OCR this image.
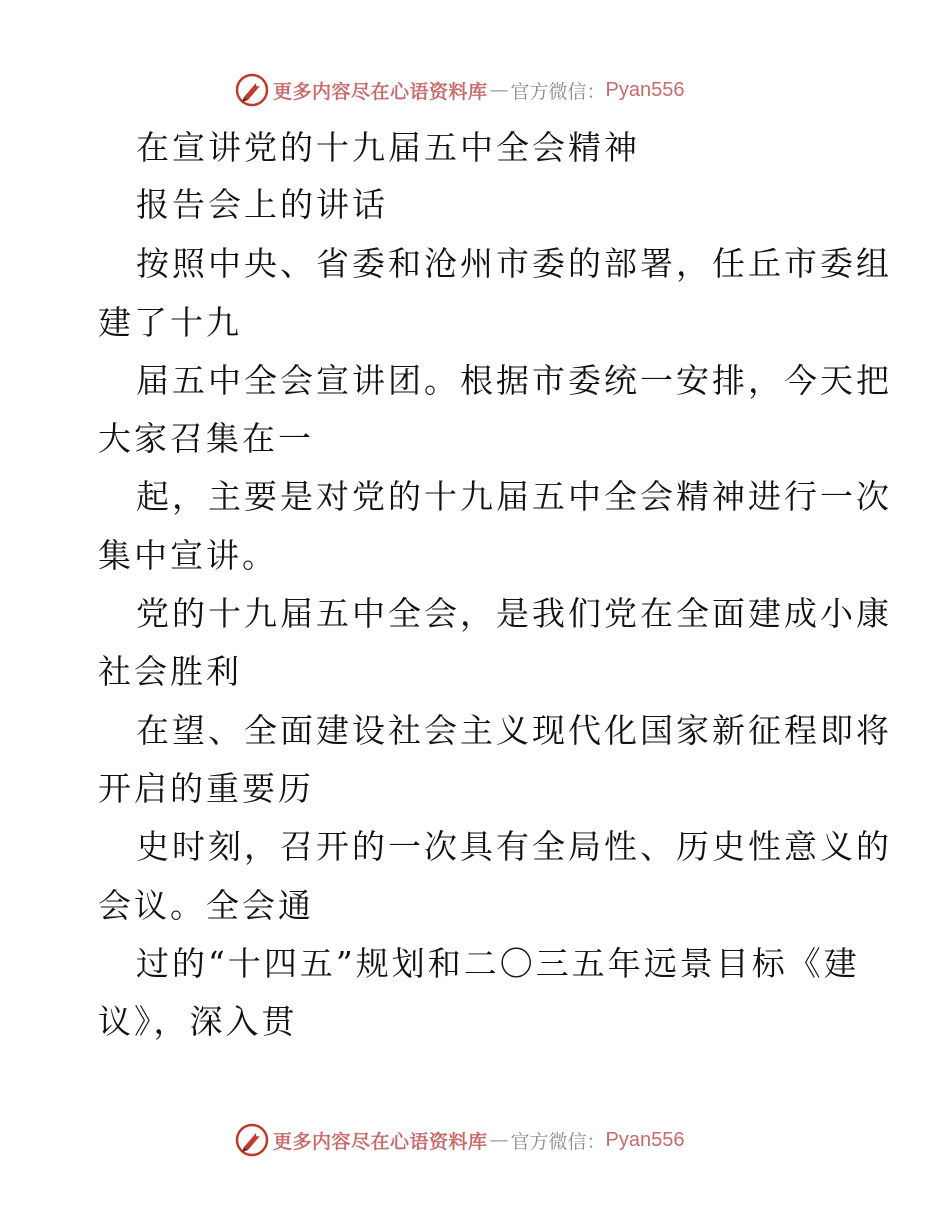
更多内容尽在心语资料库 — 官方微信： Pyan556
在宣讲党的十九届五中全会精神
报告会上的讲话
按照中央、省委和沧州市委的部署，任丘市委组
建了十九
届五中全会宣讲团。根据市委统一安排，今天把
大家召集在一
起，主要是对党的十九届五中全会精神进行一次
集中宣讲。
党的十九届五中全会，是我们党在全面建成小康
社会胜利
在望、全面建设社会主义现代化国家新征程即将
开启的重要历
史时刻，召开的一次具有全局性、历史性意义的
会议。全会通
过的“十四五”规划和二〇三五年远景目标《建
议》，深入贯
更多内容尽在心语资料库 — 官方微信： Pyan556
